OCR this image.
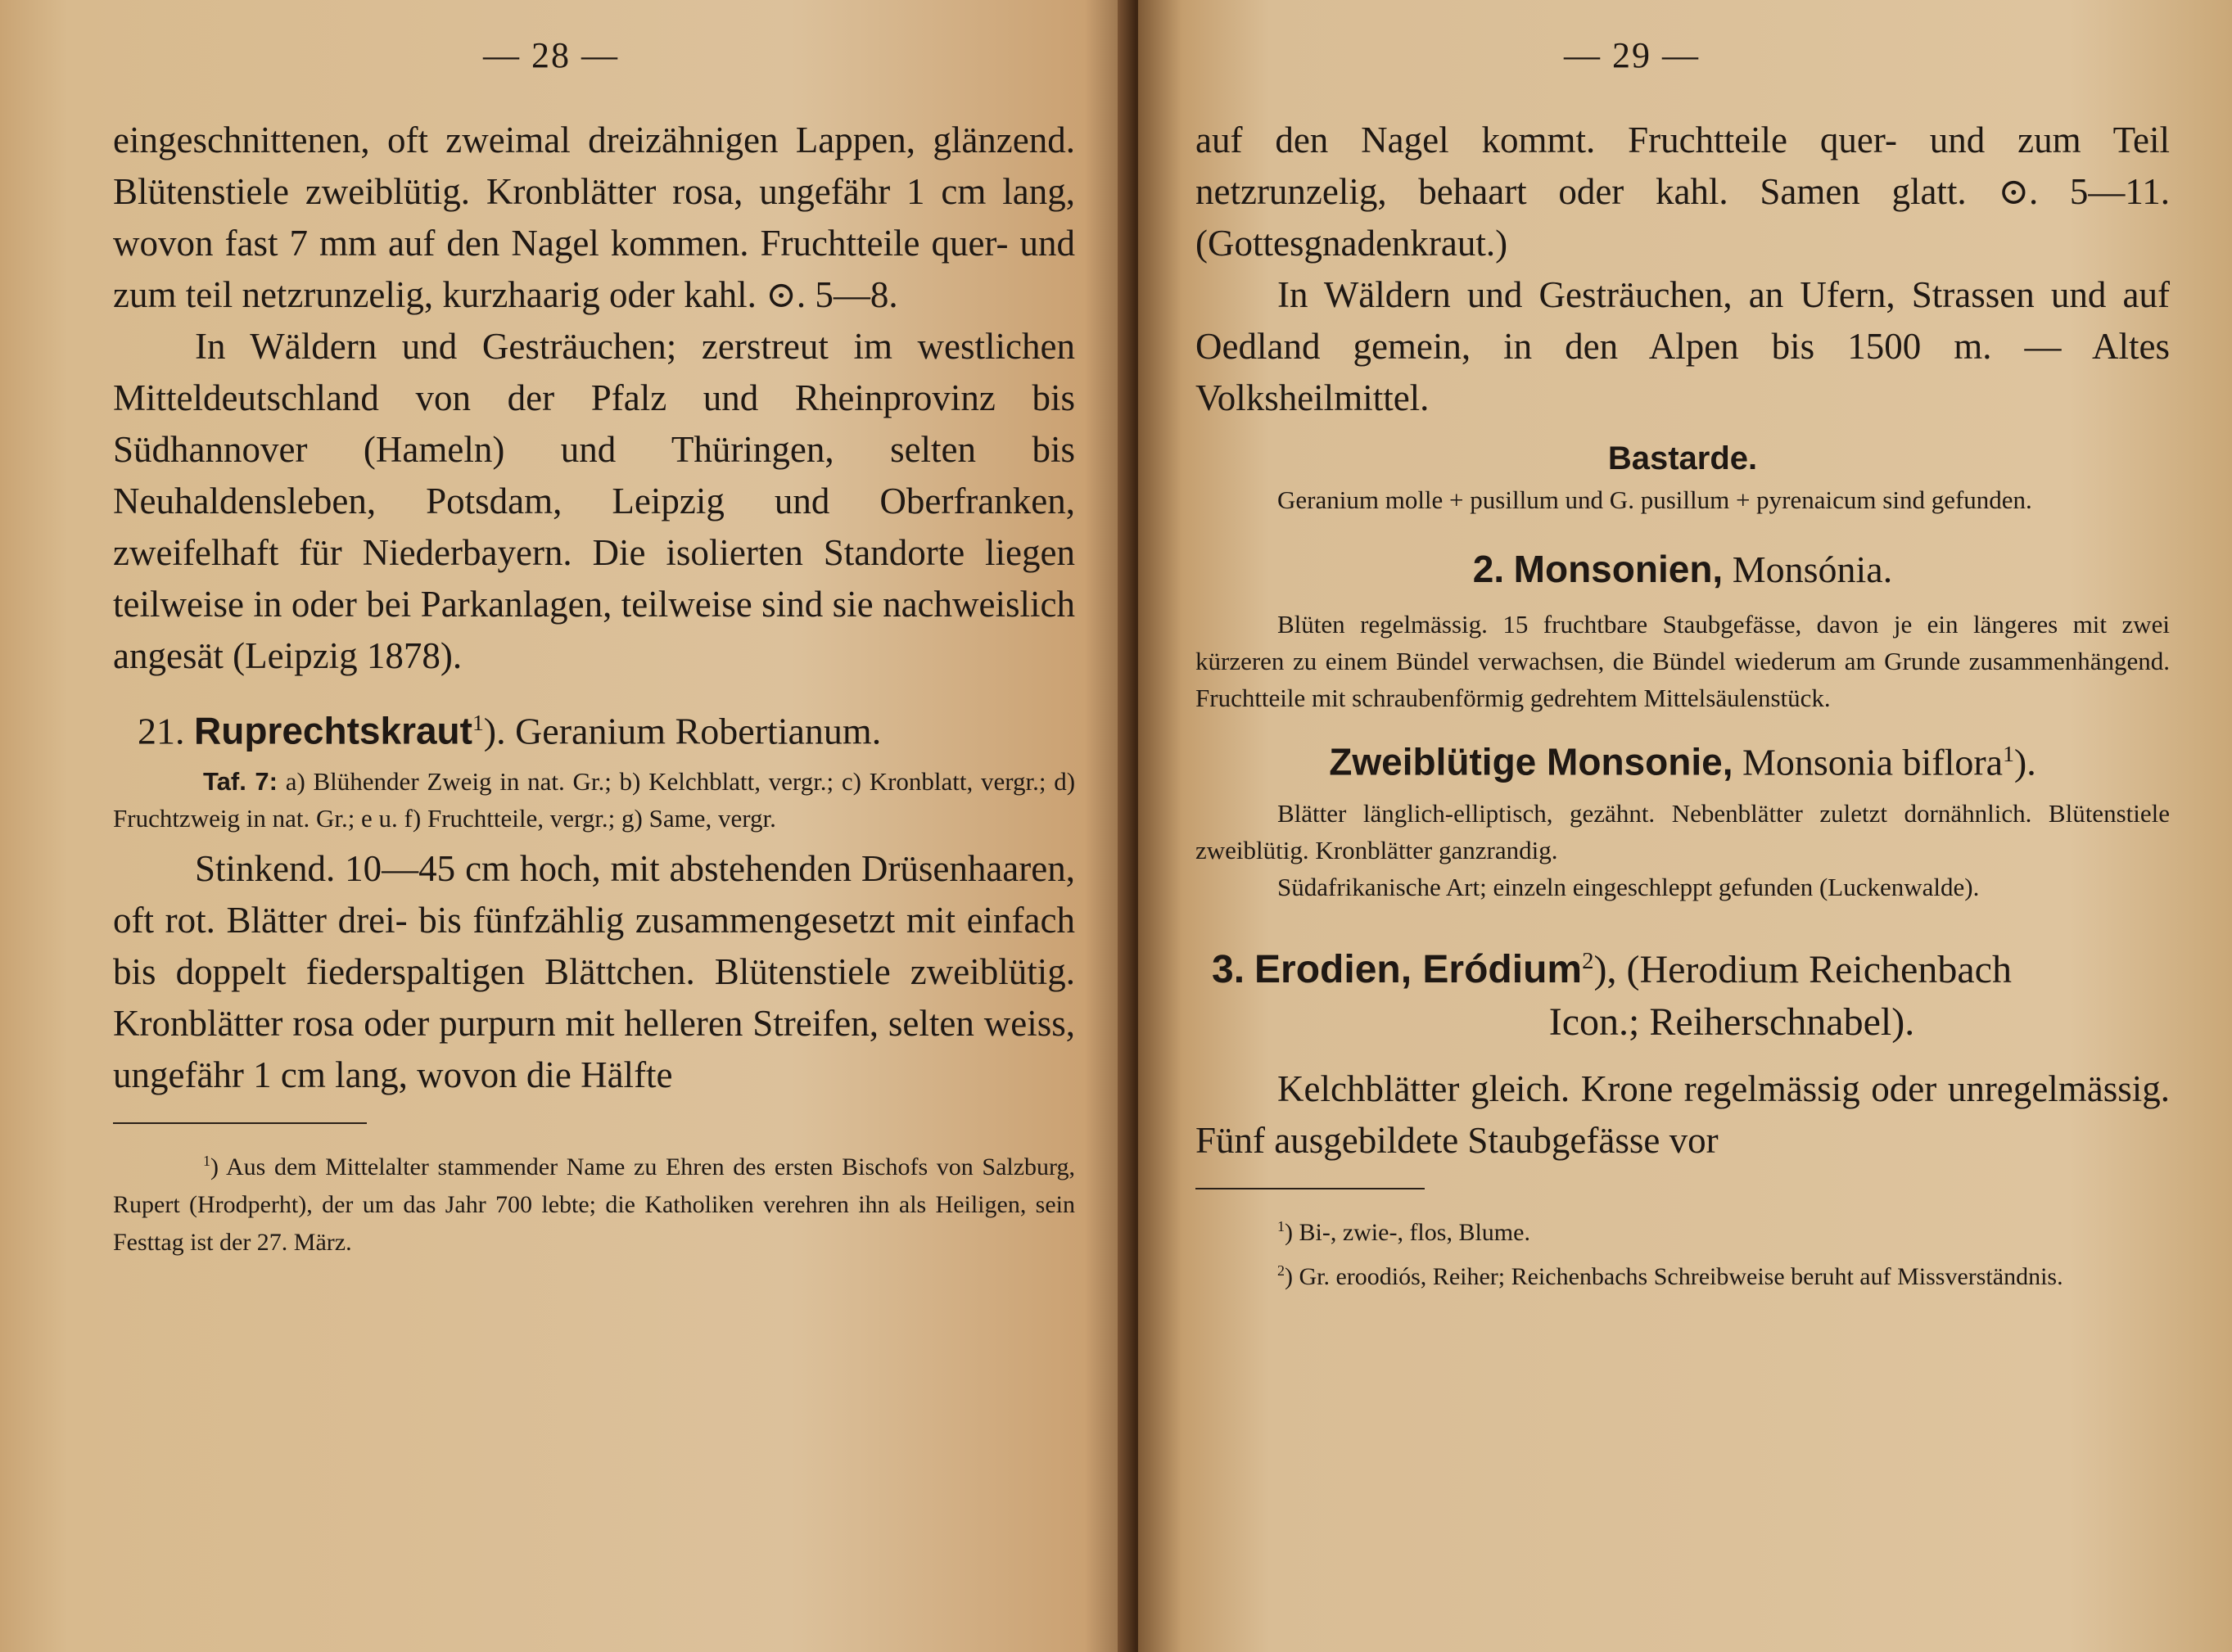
— 28 —

eingeschnittenen, oft zweimal dreizähnigen Lappen, glänzend. Blütenstiele zweiblütig. Kronblätter rosa, ungefähr 1 cm lang, wovon fast 7 mm auf den Nagel kommen. Fruchtteile quer- und zum teil netzrunzelig, kurzhaarig oder kahl. ⊙. 5—8.

In Wäldern und Gesträuchen; zerstreut im westlichen Mitteldeutschland von der Pfalz und Rheinprovinz bis Südhannover (Hameln) und Thüringen, selten bis Neuhaldensleben, Potsdam, Leipzig und Oberfranken, zweifelhaft für Niederbayern. Die isolierten Standorte liegen teilweise in oder bei Parkanlagen, teilweise sind sie nachweislich angesät (Leipzig 1878).

21. Ruprechtskraut$^1$). Geranium Robertianum.

Taf. 7: a) Blühender Zweig in nat. Gr.; b) Kelchblatt, vergr.; c) Kronblatt, vergr.; d) Fruchtzweig in nat. Gr.; e u. f) Fruchtteile, vergr.; g) Same, vergr.

Stinkend. 10—45 cm hoch, mit abstehenden Drüsenhaaren, oft rot. Blätter drei- bis fünfzählig zusammengesetzt mit einfach bis doppelt fiederspaltigen Blättchen. Blütenstiele zweiblütig. Kronblätter rosa oder purpurn mit helleren Streifen, selten weiss, ungefähr 1 cm lang, wovon die Hälfte

$^1$) Aus dem Mittelalter stammender Name zu Ehren des ersten Bischofs von Salzburg, Rupert (Hrodperht), der um das Jahr 700 lebte; die Katholiken verehren ihn als Heiligen, sein Festtag ist der 27. März.

— 29 —

auf den Nagel kommt. Fruchtteile quer- und zum Teil netzrunzelig, behaart oder kahl. Samen glatt. ⊙. 5—11. (Gottesgnadenkraut.)

In Wäldern und Gesträuchen, an Ufern, Strassen und auf Oedland gemein, in den Alpen bis 1500 m. — Altes Volksheilmittel.

Bastarde.

Geranium molle + pusillum und G. pusillum + pyrenaicum sind gefunden.

2. Monsonien, Monsónia.

Blüten regelmässig. 15 fruchtbare Staubgefässe, davon je ein längeres mit zwei kürzeren zu einem Bündel verwachsen, die Bündel wiederum am Grunde zusammenhängend. Fruchtteile mit schraubenförmig gedrehtem Mittelsäulenstück.

Zweiblütige Monsonie, Monsonia biflora$^1$).

Blätter länglich-elliptisch, gezähnt. Nebenblätter zuletzt dornähnlich. Blütenstiele zweiblütig. Kronblätter ganzrandig.

Südafrikanische Art; einzeln eingeschleppt gefunden (Luckenwalde).

3. Erodien, Eródium$^2$), (Herodium Reichenbach

Icon.; Reiherschnabel).

Kelchblätter gleich. Krone regelmässig oder unregelmässig. Fünf ausgebildete Staubgefässe vor

$^1$) Bi-, zwie-, flos, Blume.

$^2$) Gr. eroodiós, Reiher; Reichenbachs Schreibweise beruht auf Missverständnis.
